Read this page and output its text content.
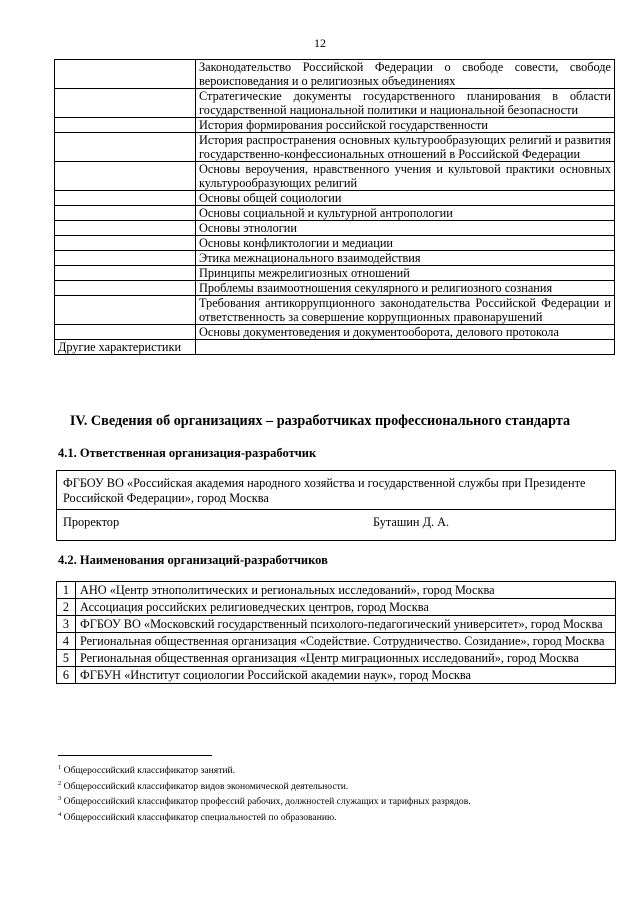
12
	Законодательство Российской Федерации о свободе совести, свободе вероисповедания и о религиозных объединениях
	Стратегические документы государственного планирования в области государственной национальной политики и национальной безопасности
	История формирования российской государственности
	История распространения основных культурообразующих религий и развития государственно-конфессиональных отношений в Российской Федерации
	Основы вероучения, нравственного учения и культовой практики основных культурообразующих религий
	Основы общей социологии
	Основы социальной и культурной антропологии
	Основы этнологии
	Основы конфликтологии и медиации
	Этика межнационального взаимодействия
	Принципы межрелигиозных отношений
	Проблемы взаимоотношения секулярного и религиозного сознания
	Требования антикоррупционного законодательства Российской Федерации и ответственность за совершение коррупционных правонарушений
	Основы документоведения и документооборота, делового протокола
Другие характеристики	
IV. Сведения об организациях – разработчиках профессионального стандарта
4.1. Ответственная организация-разработчик
ФГБОУ ВО «Российская академия народного хозяйства и государственной службы при Президенте Российской Федерации», город Москва
Проректор	Буташин Д. А.
4.2. Наименования организаций-разработчиков
1	АНО «Центр этнополитических и региональных исследований», город Москва
2	Ассоциация российских религиоведческих центров, город Москва
3	ФГБОУ ВО «Московский государственный психолого-педагогический университет», город Москва
4	Региональная общественная организация «Содействие. Сотрудничество. Созидание», город Москва
5	Региональная общественная организация «Центр миграционных исследований», город Москва
6	ФГБУН «Институт социологии Российской академии наук», город Москва
$^1$ Общероссийский классификатор занятий.
$^2$ Общероссийский классификатор видов экономической деятельности.
$^3$ Общероссийский классификатор профессий рабочих, должностей служащих и тарифных разрядов.
$^4$ Общероссийский классификатор специальностей по образованию.
